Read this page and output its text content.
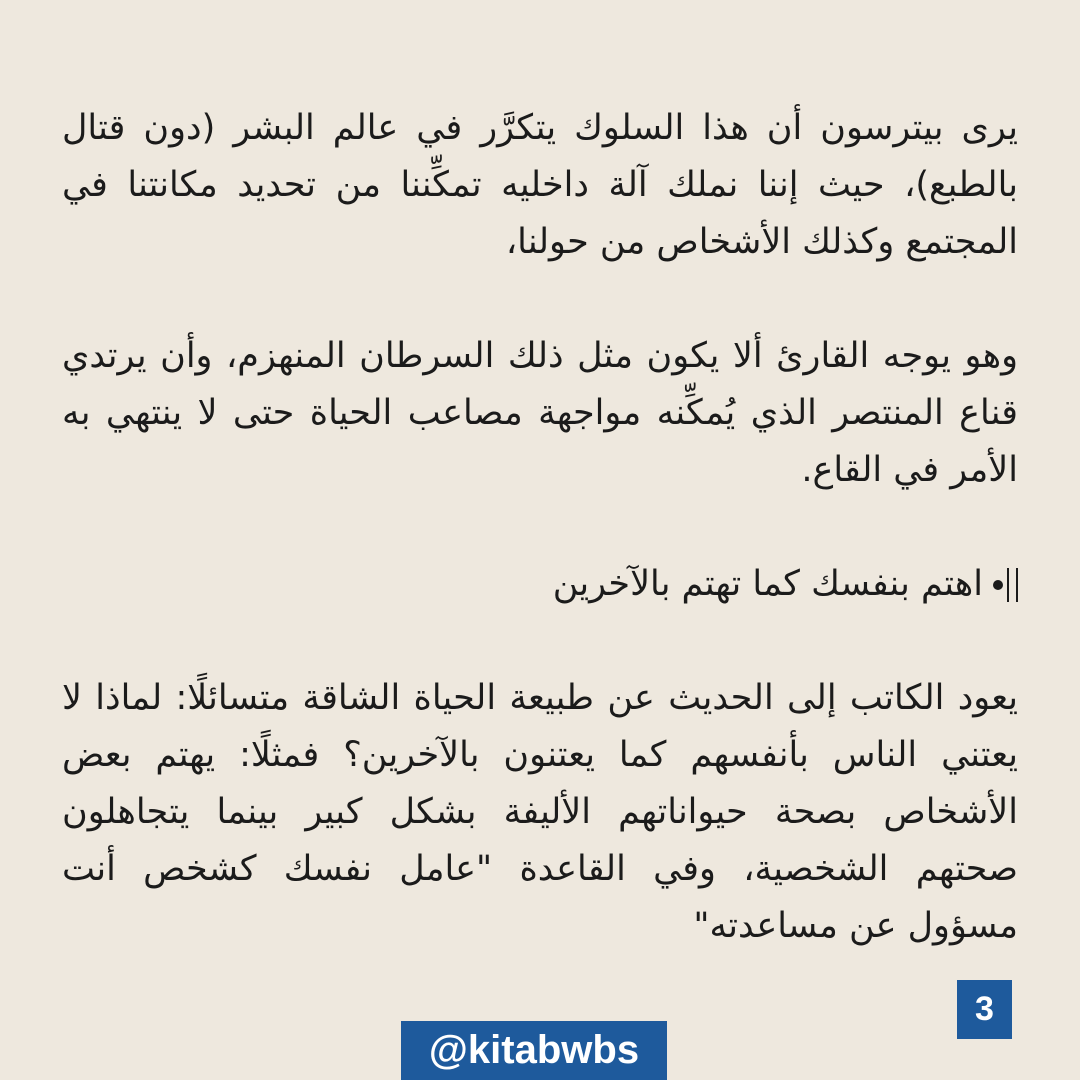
يرى بيترسون أن هذا السلوك يتكرَّر في عالم البشر (دون قتال بالطبع)، حيث إننا نملك آلة داخليه تمكِّننا من تحديد مكانتنا في المجتمع وكذلك الأشخاص من حولنا،

وهو يوجه القارئ ألا يكون مثل ذلك السرطان المنهزم، وأن يرتدي قناع المنتصر الذي يُمكِّنه مواجهة مصاعب الحياة حتى لا ينتهي به الأمر في القاع.

اهتم بنفسك كما تهتم بالآخرين

يعود الكاتب إلى الحديث عن طبيعة الحياة الشاقة متسائلًا: لماذا لا يعتني الناس بأنفسهم كما يعتنون بالآخرين؟ فمثلًا: يهتم بعض الأشخاص بصحة حيواناتهم الأليفة بشكل كبير بينما يتجاهلون صحتهم الشخصية، وفي القاعدة "عامل نفسك كشخص أنت مسؤول عن مساعدته"

3
@kitabwbs
